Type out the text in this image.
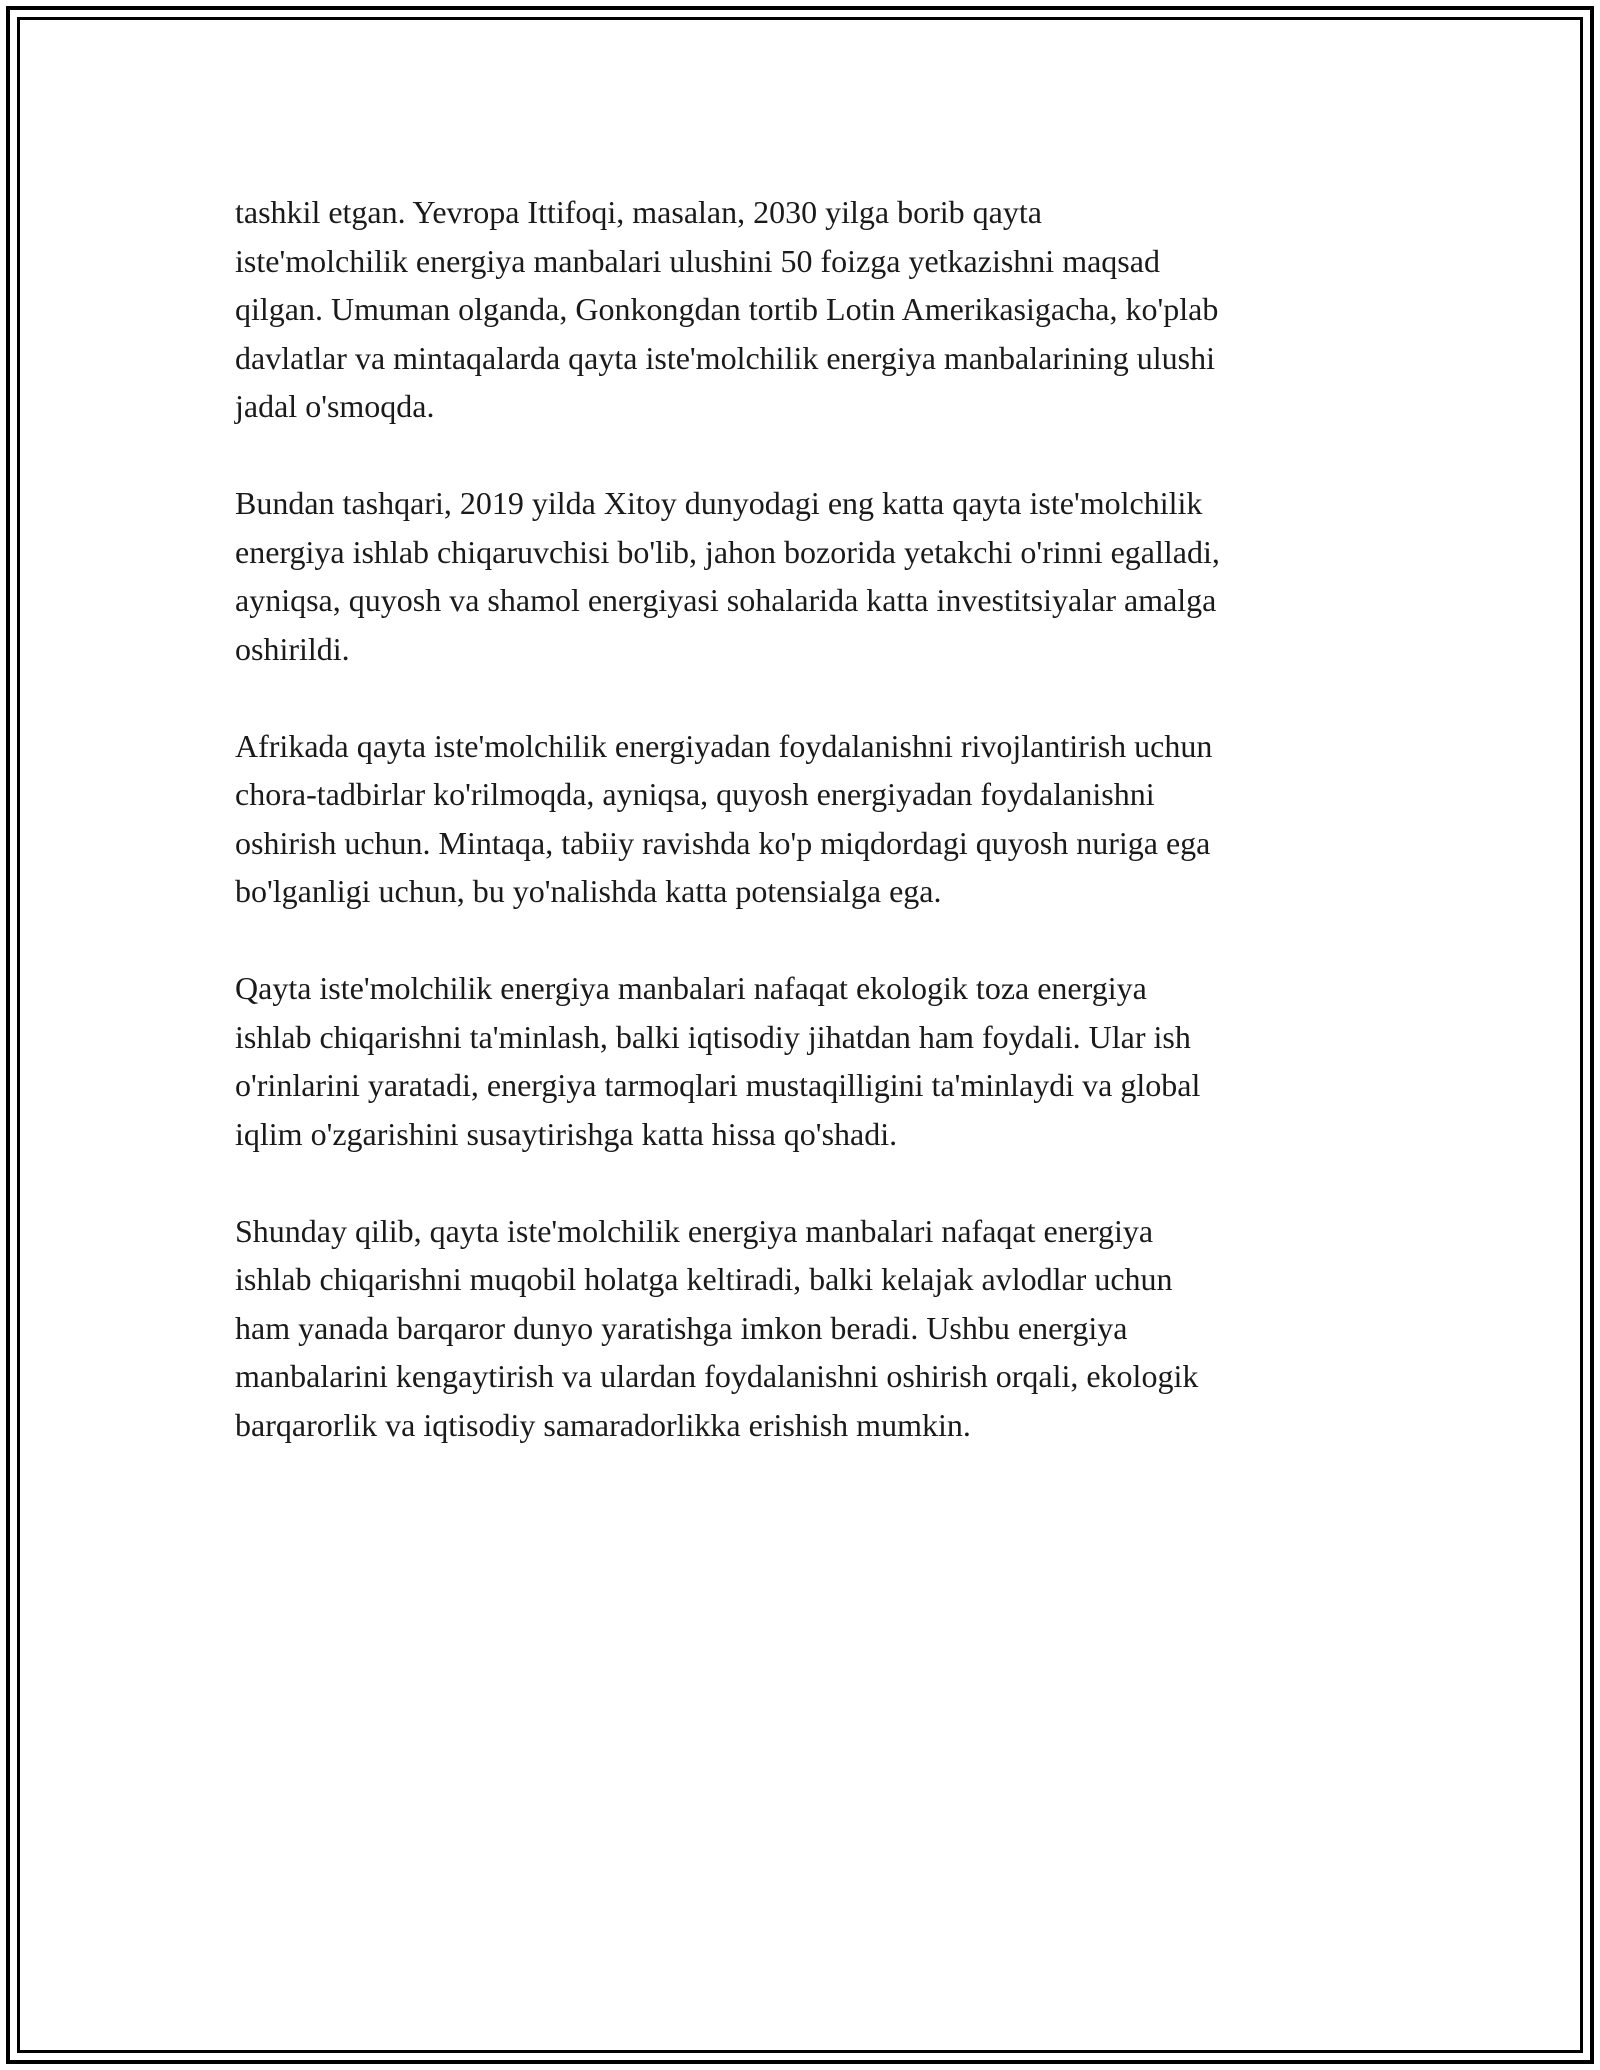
tashkil etgan. Yevropa Ittifoqi, masalan, 2030 yilga borib qayta
iste'molchilik energiya manbalari ulushini 50 foizga yetkazishni maqsad
qilgan. Umuman olganda, Gonkongdan tortib Lotin Amerikasigacha, ko'plab
davlatlar va mintaqalarda qayta iste'molchilik energiya manbalarining ulushi
jadal o'smoqda.

Bundan tashqari, 2019 yilda Xitoy dunyodagi eng katta qayta iste'molchilik
energiya ishlab chiqaruvchisi bo'lib, jahon bozorida yetakchi o'rinni egalladi,
ayniqsa, quyosh va shamol energiyasi sohalarida katta investitsiyalar amalga
oshirildi.

Afrikada qayta iste'molchilik energiyadan foydalanishni rivojlantirish uchun
chora-tadbirlar ko'rilmoqda, ayniqsa, quyosh energiyadan foydalanishni
oshirish uchun. Mintaqa, tabiiy ravishda ko'p miqdordagi quyosh nuriga ega
bo'lganligi uchun, bu yo'nalishda katta potensialga ega.

Qayta iste'molchilik energiya manbalari nafaqat ekologik toza energiya
ishlab chiqarishni ta'minlash, balki iqtisodiy jihatdan ham foydali. Ular ish
o'rinlarini yaratadi, energiya tarmoqlari mustaqilligini ta'minlaydi va global
iqlim o'zgarishini susaytirishga katta hissa qo'shadi.

Shunday qilib, qayta iste'molchilik energiya manbalari nafaqat energiya
ishlab chiqarishni muqobil holatga keltiradi, balki kelajak avlodlar uchun
ham yanada barqaror dunyo yaratishga imkon beradi. Ushbu energiya
manbalarini kengaytirish va ulardan foydalanishni oshirish orqali, ekologik
barqarorlik va iqtisodiy samaradorlikka erishish mumkin.
